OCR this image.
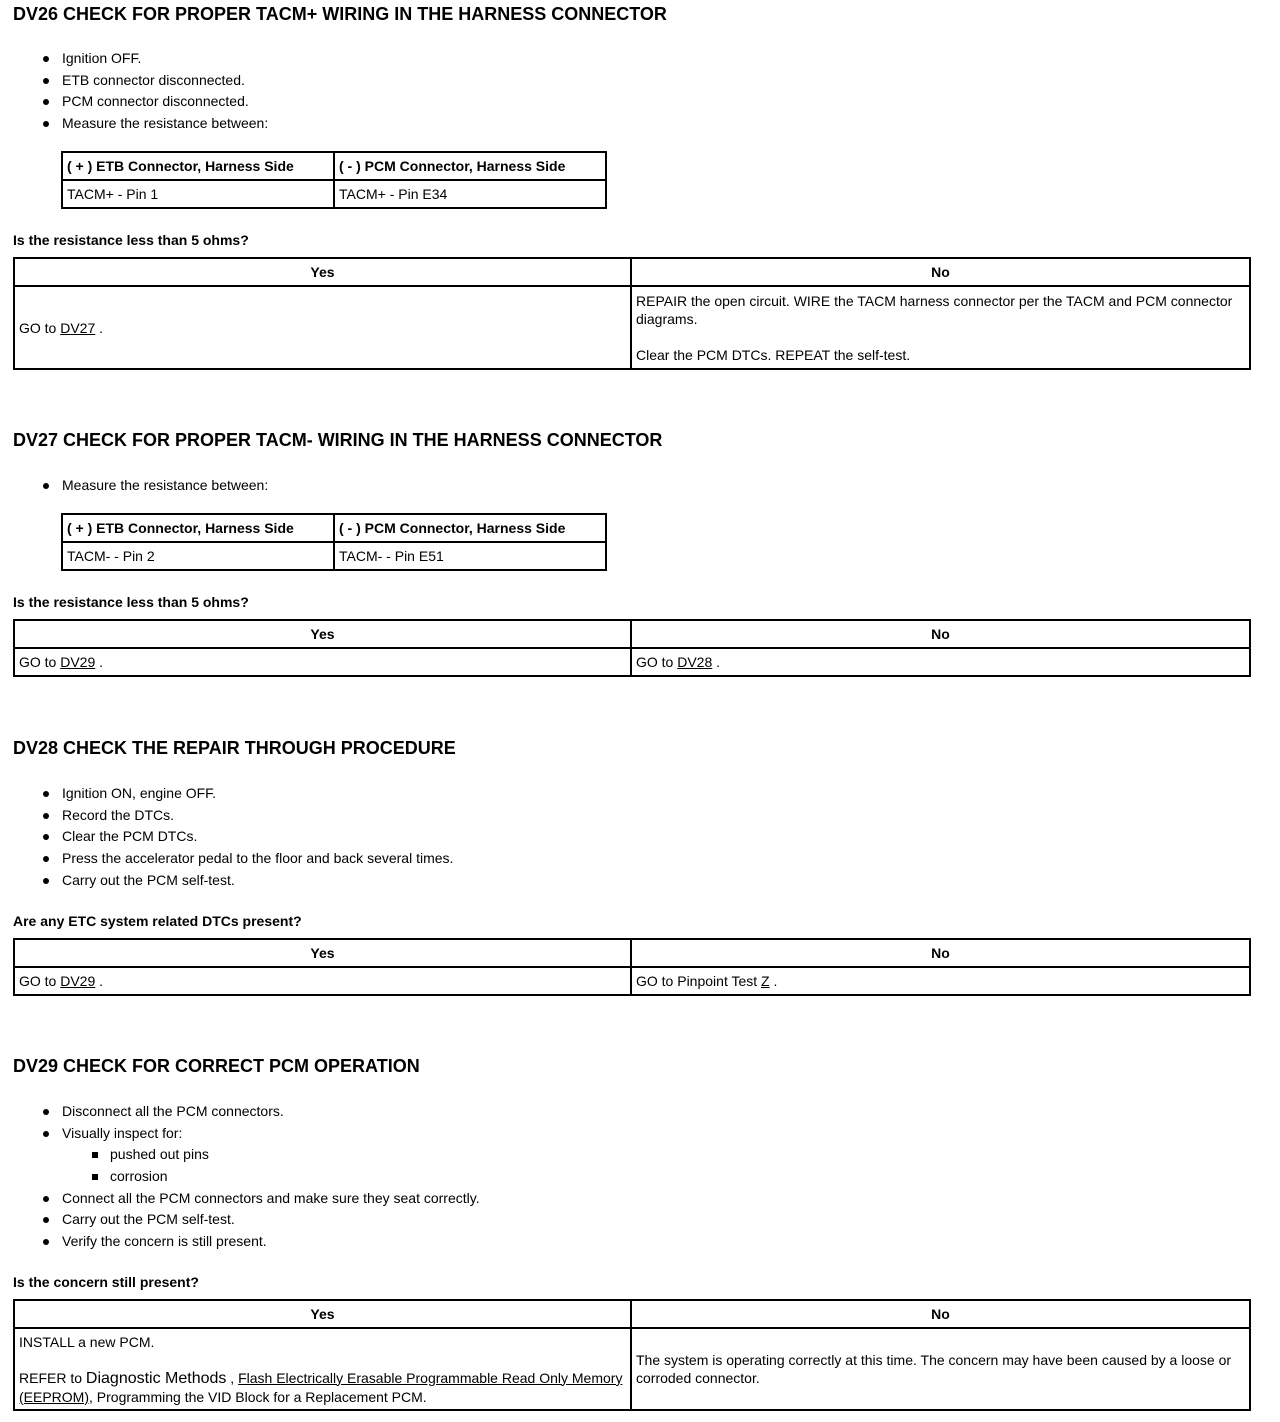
DV26 CHECK FOR PROPER TACM+ WIRING IN THE HARNESS CONNECTOR
Ignition OFF.
ETB connector disconnected.
PCM connector disconnected.
Measure the resistance between:
( + ) ETB Connector, Harness Side	( - ) PCM Connector, Harness Side
TACM+ - Pin 1	TACM+ - Pin E34

Is the resistance less than 5 ohms?

Yes	No
GO to DV27 .	REPAIR the open circuit. WIRE the TACM harness connector per the TACM and PCM connector diagrams.
Clear the PCM DTCs. REPEAT the self-test.
DV27 CHECK FOR PROPER TACM- WIRING IN THE HARNESS CONNECTOR
Measure the resistance between:
( + ) ETB Connector, Harness Side	( - ) PCM Connector, Harness Side
TACM- - Pin 2	TACM- - Pin E51

Is the resistance less than 5 ohms?

Yes	No
GO to DV29 .	GO to DV28 .
DV28 CHECK THE REPAIR THROUGH PROCEDURE
Ignition ON, engine OFF.
Record the DTCs.
Clear the PCM DTCs.
Press the accelerator pedal to the floor and back several times.
Carry out the PCM self-test.

Are any ETC system related DTCs present?

Yes	No
GO to DV29 .	GO to Pinpoint Test Z .
DV29 CHECK FOR CORRECT PCM OPERATION
Disconnect all the PCM connectors.
Visually inspect for:
pushed out pins
corrosion
Connect all the PCM connectors and make sure they seat correctly.
Carry out the PCM self-test.
Verify the concern is still present.

Is the concern still present?

Yes	No

INSTALL a new PCM.
REFER to Diagnostic Methods , Flash Electrically Erasable Programmable Read Only Memory (EEPROM), Programming the VID Block for a Replacement PCM.	The system is operating correctly at this time. The concern may have been caused by a loose or corroded connector.
